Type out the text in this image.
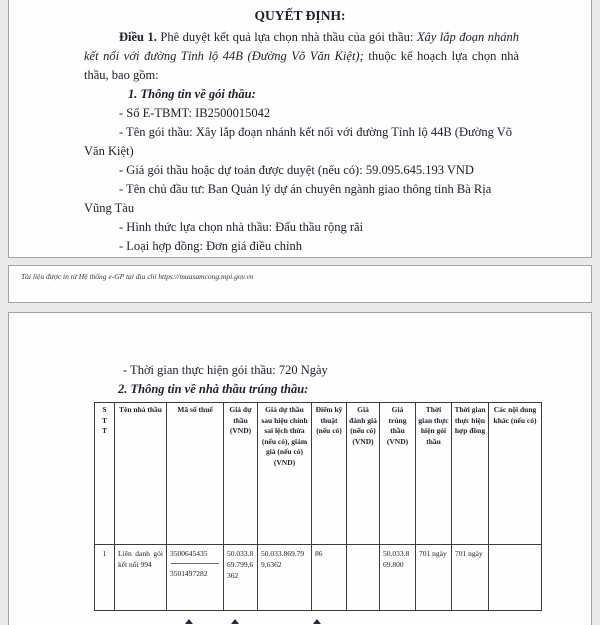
QUYẾT ĐỊNH:

Điều 1. Phê duyệt kết quả lựa chọn nhà thầu của gói thầu: Xây lắp đoạn nhánh kết nối với đường Tỉnh lộ 44B (Đường Võ Văn Kiệt); thuộc kế hoạch lựa chọn nhà thầu, bao gồm:

1. Thông tin về gói thầu:

- Số E-TBMT: IB2500015042

- Tên gói thầu: Xây lắp đoạn nhánh kết nối với đường Tỉnh lộ 44B (Đường Võ Văn Kiệt)

- Giá gói thầu hoặc dự toán được duyệt (nếu có): 59.095.645.193 VND

- Tên chủ đầu tư: Ban Quản lý dự án chuyên ngành giao thông tỉnh Bà Rịa Vũng Tàu

- Hình thức lựa chọn nhà thầu: Đấu thầu rộng rãi

- Loại hợp đồng: Đơn giá điều chỉnh

Tài liệu được in từ Hệ thống e-GP tại địa chỉ https://muasamcong.mpi.gov.vn

- Thời gian thực hiện gói thầu: 720 Ngày

2. Thông tin về nhà thầu trúng thầu:

STT	Tên nhà thầu	Mã số thuế	Giá dự thầu (VND)	Giá dự thầu sau hiệu chỉnh sai lệch thừa (nếu có), giảm giá (nếu có) (VND)	Điểm kỹ thuật (nếu có)	Giá đánh giá (nếu có) (VND)	Giá trúng thầu (VND)	Thời gian thực hiện gói thầu	Thời gian thực hiện hợp đồng	Các nội dung khác (nếu có)
1	Liên danh gói kết nối 994	3500645435
3501497282	50.033.869.799,6362	50.033.869.799,6362	86		50.033.869.800	701 ngày	701 ngày	
